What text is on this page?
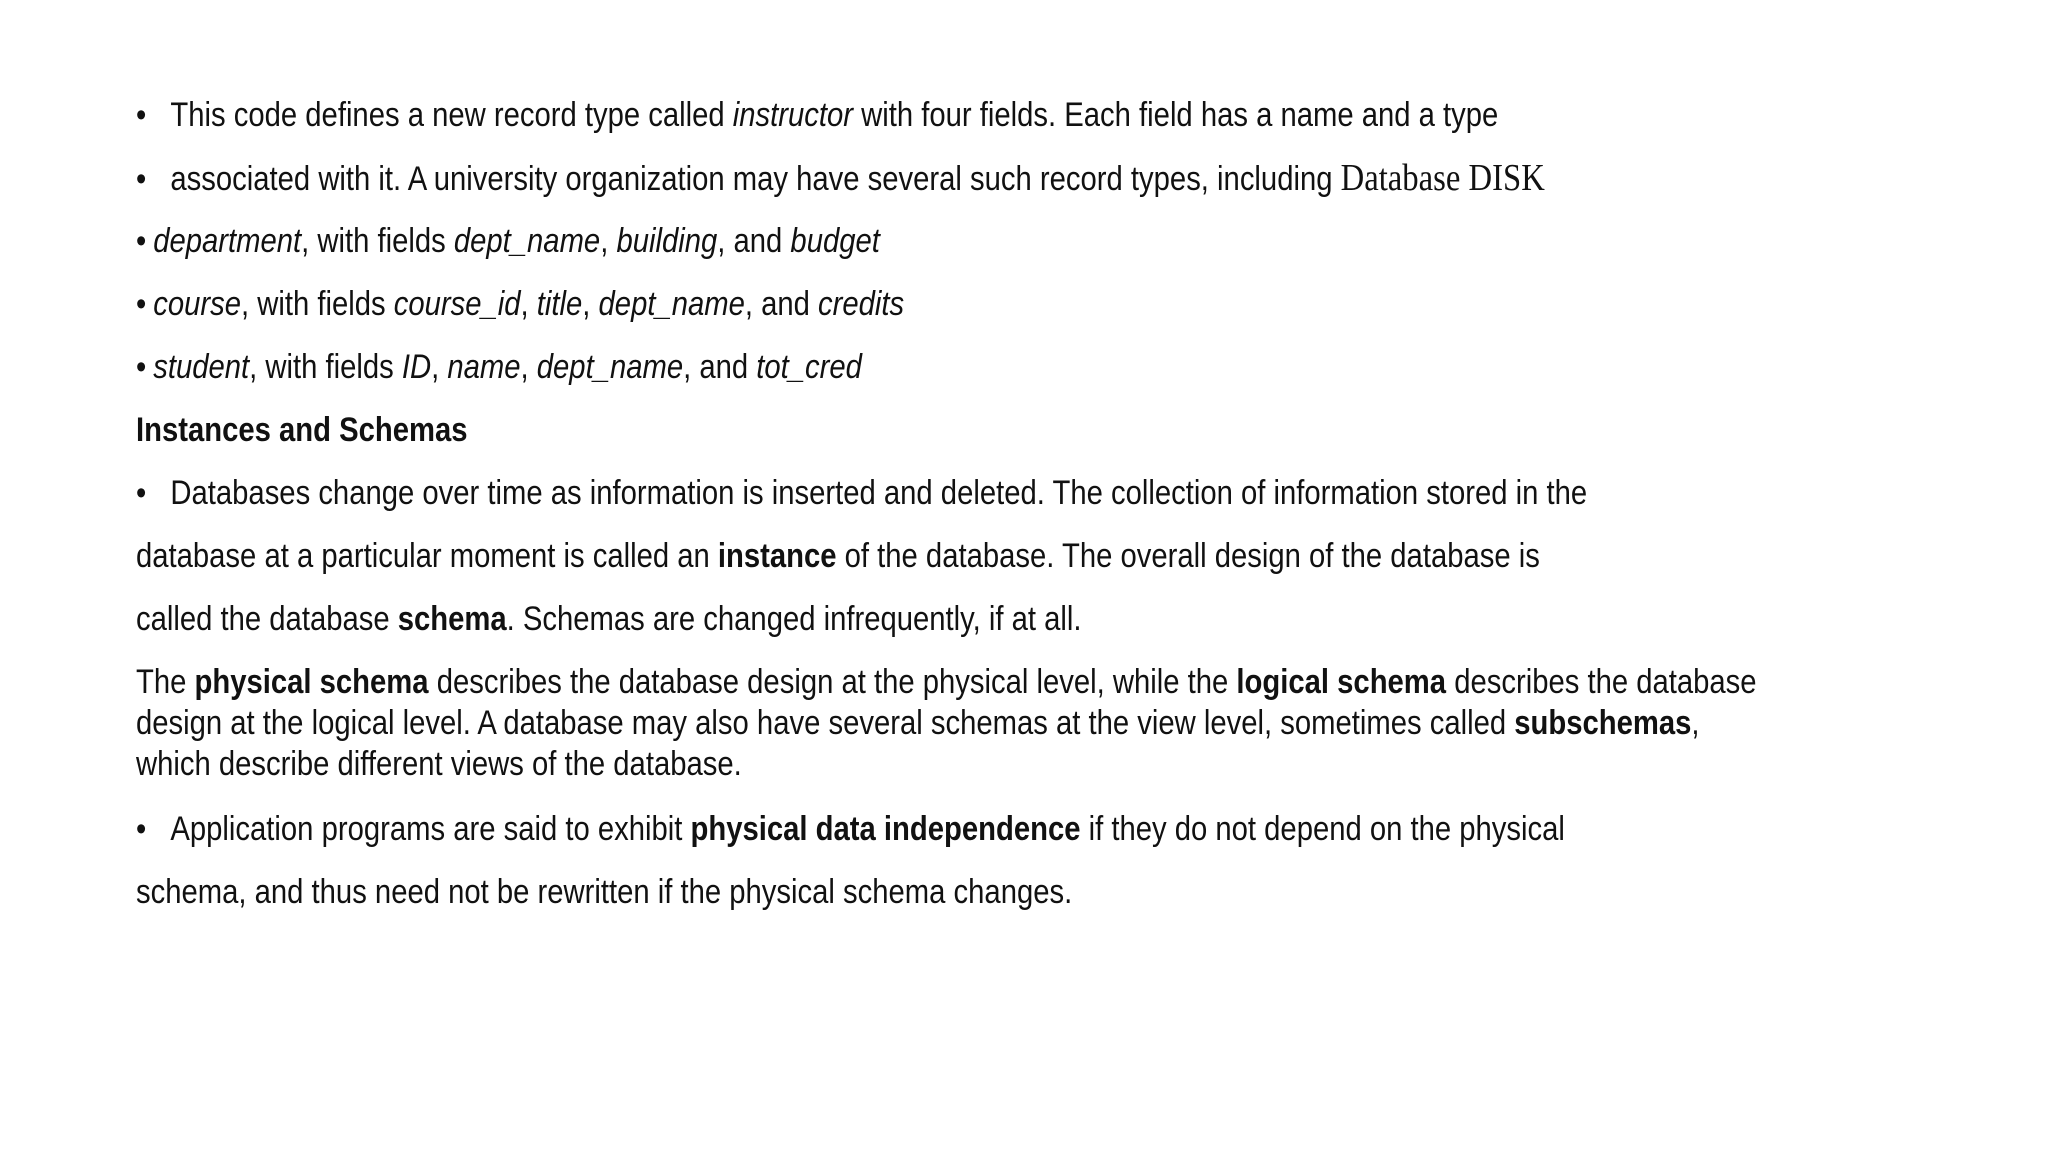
• This code defines a new record type called instructor with four fields. Each field has a name and a type
• associated with it. A university organization may have several such record types, including Database DISK
• department, with fields dept_name, building, and budget
• course, with fields course_id, title, dept_name, and credits
• student, with fields ID, name, dept_name, and tot_cred
Instances and Schemas
• Databases change over time as information is inserted and deleted. The collection of information stored in the
database at a particular moment is called an instance of the database. The overall design of the database is
called the database schema. Schemas are changed infrequently, if at all.
The physical schema describes the database design at the physical level, while the logical schema describes the database
design at the logical level. A database may also have several schemas at the view level, sometimes called subschemas,
which describe different views of the database.
• Application programs are said to exhibit physical data independence if they do not depend on the physical
schema, and thus need not be rewritten if the physical schema changes.
